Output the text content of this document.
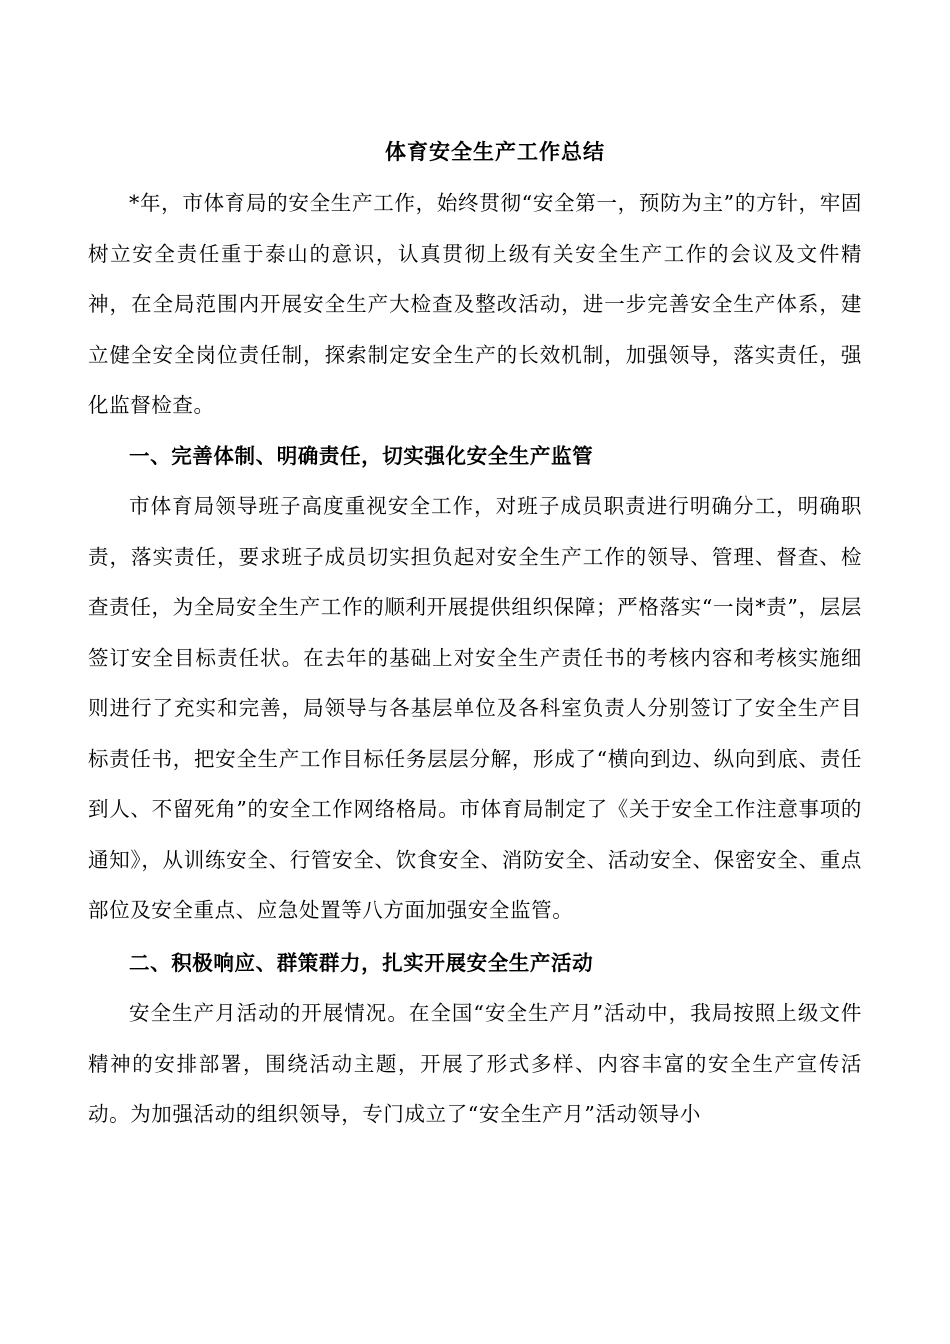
体育安全生产工作总结

*年，市体育局的安全生产工作，始终贯彻“安全第一，预防为主”的方针，牢固树立安全责任重于泰山的意识，认真贯彻上级有关安全生产工作的会议及文件精神，在全局范围内开展安全生产大检查及整改活动，进一步完善安全生产体系，建立健全安全岗位责任制，探索制定安全生产的长效机制，加强领导，落实责任，强化监督检查。

一、完善体制、明确责任，切实强化安全生产监管

市体育局领导班子高度重视安全工作，对班子成员职责进行明确分工，明确职责，落实责任，要求班子成员切实担负起对安全生产工作的领导、管理、督查、检查责任，为全局安全生产工作的顺利开展提供组织保障；严格落实“一岗*责”，层层签订安全目标责任状。在去年的基础上对安全生产责任书的考核内容和考核实施细则进行了充实和完善，局领导与各基层单位及各科室负责人分别签订了安全生产目标责任书，把安全生产工作目标任务层层分解，形成了“横向到边、纵向到底、责任到人、不留死角”的安全工作网络格局。市体育局制定了《关于安全工作注意事项的通知》，从训练安全、行管安全、饮食安全、消防安全、活动安全、保密安全、重点部位及安全重点、应急处置等八方面加强安全监管。

二、积极响应、群策群力，扎实开展安全生产活动

安全生产月活动的开展情况。在全国“安全生产月”活动中，我局按照上级文件精神的安排部署，围绕活动主题，开展了形式多样、内容丰富的安全生产宣传活动。为加强活动的组织领导，专门成立了“安全生产月”活动领导小
